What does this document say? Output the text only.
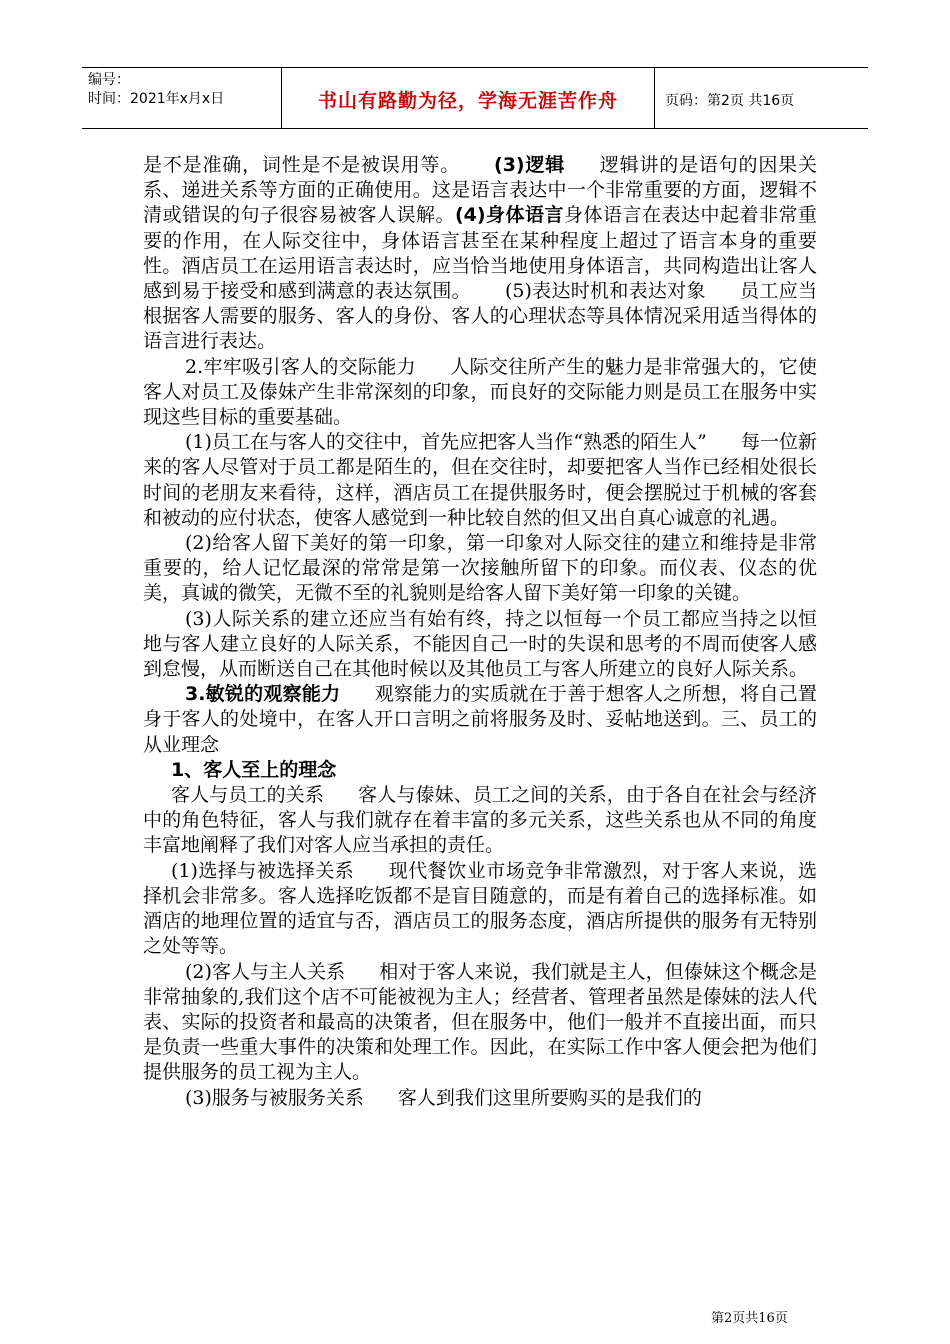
编号：
时间：2021年x月x日	书山有路勤为径，学海无涯苦作舟	页码：第2页 共16页

是不是准确，词性是不是被误用等。 (3)逻辑 逻辑讲的是语句的因果关系、递进关系等方面的正确使用。这是语言表达中一个非常重要的方面，逻辑不清或错误的句子很容易被客人误解。(4)身体语言身体语言在表达中起着非常重要的作用，在人际交往中，身体语言甚至在某种程度上超过了语言本身的重要性。酒店员工在运用语言表达时，应当恰当地使用身体语言，共同构造出让客人感到易于接受和感到满意的表达氛围。 (5)表达时机和表达对象 员工应当根据客人需要的服务、客人的身份、客人的心理状态等具体情况采用适当得体的语言进行表达。

2.牢牢吸引客人的交际能力 人际交往所产生的魅力是非常强大的，它使客人对员工及傣妹产生非常深刻的印象，而良好的交际能力则是员工在服务中实现这些目标的重要基础。

(1)员工在与客人的交往中，首先应把客人当作“熟悉的陌生人” 每一位新来的客人尽管对于员工都是陌生的，但在交往时，却要把客人当作已经相处很长时间的老朋友来看待，这样，酒店员工在提供服务时，便会摆脱过于机械的客套和被动的应付状态，使客人感觉到一种比较自然的但又出自真心诚意的礼遇。

(2)给客人留下美好的第一印象，第一印象对人际交往的建立和维持是非常重要的，给人记忆最深的常常是第一次接触所留下的印象。而仪表、仪态的优美，真诚的微笑，无微不至的礼貌则是给客人留下美好第一印象的关键。

(3)人际关系的建立还应当有始有终，持之以恒每一个员工都应当持之以恒地与客人建立良好的人际关系，不能因自己一时的失误和思考的不周而使客人感到怠慢，从而断送自己在其他时候以及其他员工与客人所建立的良好人际关系。

3.敏锐的观察能力 观察能力的实质就在于善于想客人之所想，将自己置身于客人的处境中，在客人开口言明之前将服务及时、妥帖地送到。三、员工的从业理念

1、客人至上的理念

客人与员工的关系 客人与傣妹、员工之间的关系，由于各自在社会与经济中的角色特征，客人与我们就存在着丰富的多元关系，这些关系也从不同的角度丰富地阐释了我们对客人应当承担的责任。

(1)选择与被选择关系 现代餐饮业市场竞争非常激烈，对于客人来说，选择机会非常多。客人选择吃饭都不是盲目随意的，而是有着自己的选择标准。如酒店的地理位置的适宜与否，酒店员工的服务态度，酒店所提供的服务有无特别之处等等。

(2)客人与主人关系 相对于客人来说，我们就是主人，但傣妹这个概念是非常抽象的,我们这个店不可能被视为主人；经营者、管理者虽然是傣妹的法人代表、实际的投资者和最高的决策者，但在服务中，他们一般并不直接出面，而只是负责一些重大事件的决策和处理工作。因此，在实际工作中客人便会把为他们提供服务的员工视为主人。

(3)服务与被服务关系 客人到我们这里所要购买的是我们的

第2页共16页
